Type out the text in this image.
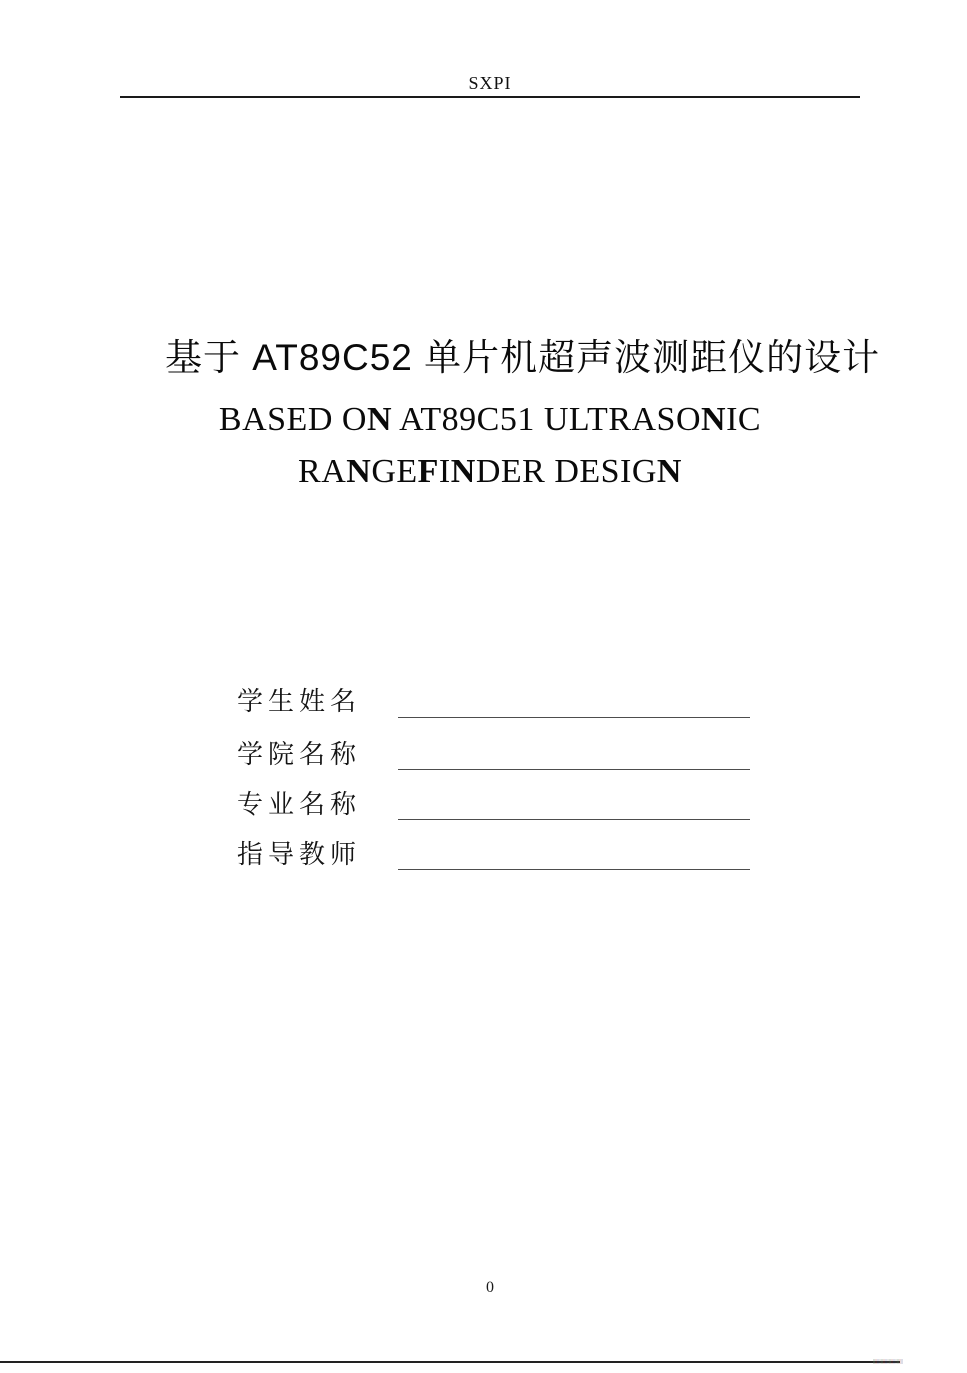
SXPI
基于 AT89C52 单片机超声波测距仪的设计
BASED ON AT89C51 ULTRASONIC
RANGEFINDER DESIGN
学生姓名
学院名称
专业名称
指导教师
0
